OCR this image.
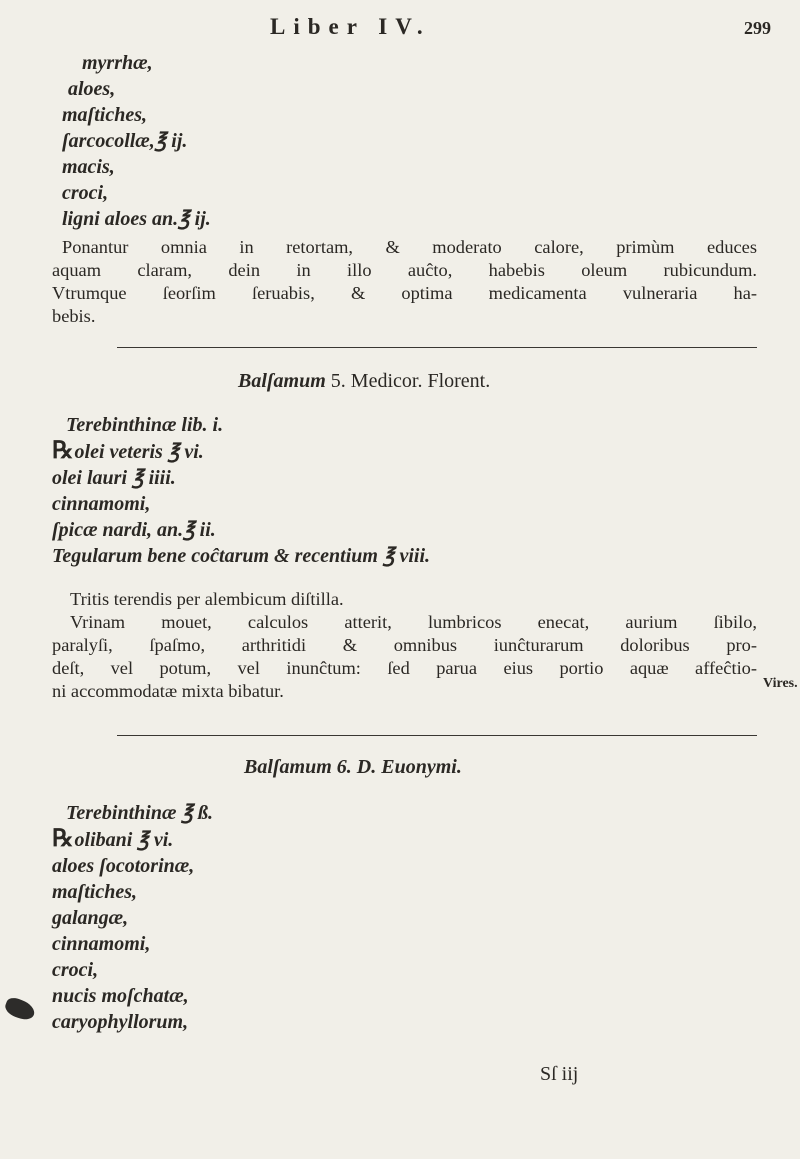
Liber IV.	299
myrrhæ,
aloes,
maſtiches,
ſarcocollæ,℥ ij.
macis,
croci,
ligni aloes an.℥ ij.

Ponantur omnia in retortam, & moderato calore, primùm educes
aquam claram, dein in illo auĉto, habebis oleum rubicundum.
Vtrumque ſeorſim ſeruabis, & optima medicamenta vulneraria ha-
bebis.

Balſamum 5. Medicor. Florent.
Terebinthinæ lib. i.
℞olei veteris ℥ vi.
olei lauri ℥ iiii.
cinnamomi,
ſpicæ nardi, an.℥ ii.
Tegularum bene coĉtarum & recentium ℥ viii.

Tritis terendis per alembicum diſtilla.
Vrinam mouet, calculos atterit, lumbricos enecat, aurium ſibilo,
paralyſi, ſpaſmo, arthritidi & omnibus iunĉturarum doloribus pro-
deſt, vel potum, vel inunĉtum: ſed parua eius portio aquæ affeĉtio-
ni accommodatæ mixta bibatur.	Vires.
Balſamum 6. D. Euonymi.
Terebinthinæ ℥ ß.
℞olibani ℥ vi.
aloes ſocotorinæ,
maſtiches,
galangæ,
cinnamomi,
croci,
nucis moſchatæ,
caryophyllorum,
Sſ iij
